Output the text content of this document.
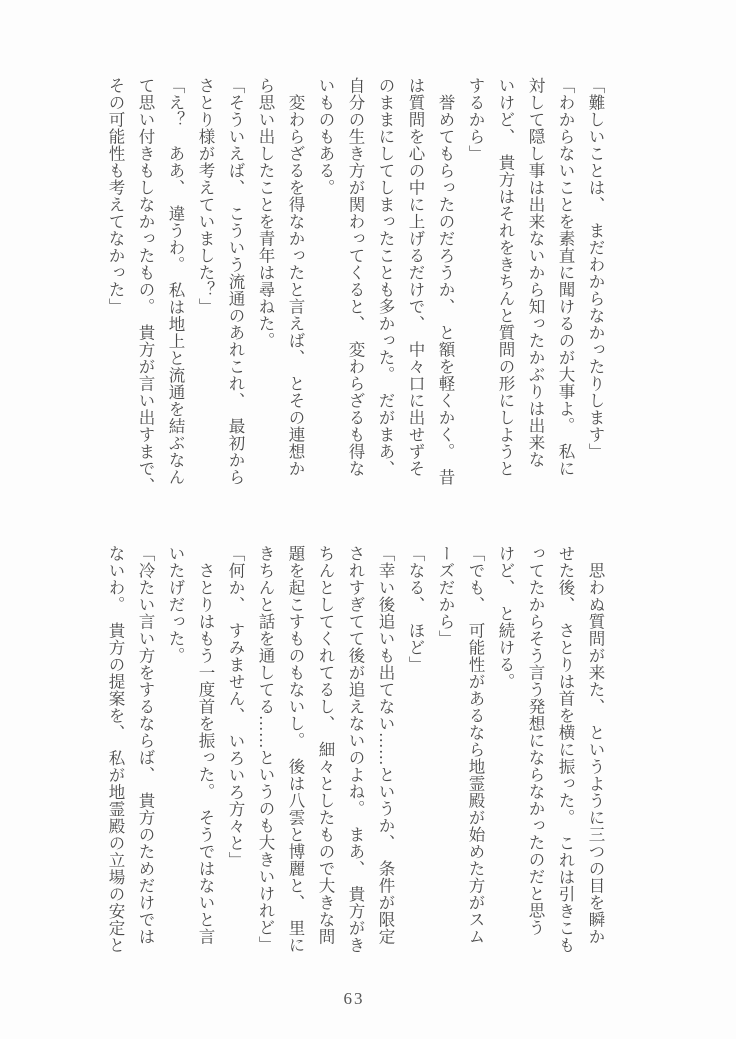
「難しいことは、　まだわからなかったりします」
「わからないことを素直に聞けるのが大事よ。　私に
対して隠し事は出来ないから知ったかぶりは出来な
いけど、　貴方はそれをきちんと質問の形にしようと
するから」
　誉めてもらったのだろうか、　と額を軽くかく。　昔
は質問を心の中に上げるだけで、　中々口に出せずそ
のままにしてしまったことも多かった。　だがまあ、
自分の生き方が関わってくると、　変わらざるも得な
いものもある。
　変わらざるを得なかったと言えば、　とその連想か
ら思い出したことを青年は尋ねた。
「そういえば、　こういう流通のあれこれ、　最初から
さとり様が考えていました？」
「え？　ああ、　違うわ。　私は地上と流通を結ぶなん
て思い付きもしなかったもの。　貴方が言い出すまで、
その可能性も考えてなかった」
　思わぬ質問が来た、　というように三つの目を瞬か
せた後、　さとりは首を横に振った。　これは引きこも
ってたからそう言う発想にならなかったのだと思う
けど、　と続ける。
「でも、　可能性があるなら地霊殿が始めた方がスム
ーズだから」
「なる、　ほど」
「幸い後追いも出てない……というか、　条件が限定
されすぎてて後が追えないのよね。　まあ、　貴方がき
ちんとしてくれてるし、　細々としたもので大きな問
題を起こすものもないし。　後は八雲と博麗と、　里に
きちんと話を通してる……というのも大きいけれど」
「何か、　すみません、　いろいろ方々と」
　さとりはもう一度首を振った。　そうではないと言
いたげだった。
「冷たい言い方をするならば、　貴方のためだけでは
ないわ。　貴方の提案を、　私が地霊殿の立場の安定と
63
